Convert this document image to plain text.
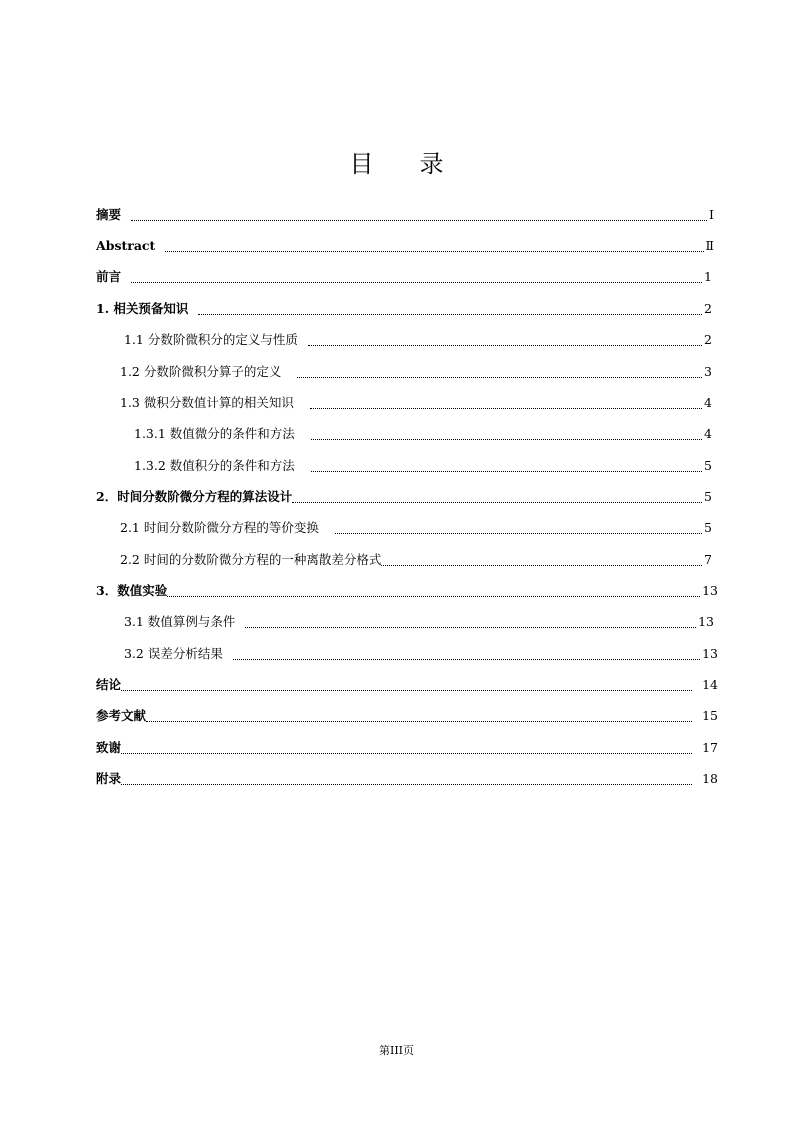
目 录
摘要	Ⅰ
Abstract	Ⅱ
前言	1
1. 相关预备知识	2
1.1 分数阶微积分的定义与性质	2
1.2 分数阶微积分算子的定义	3
1.3 微积分数值计算的相关知识	4
1.3.1 数值微分的条件和方法	4
1.3.2 数值积分的条件和方法	5
2．时间分数阶微分方程的算法设计	5
2.1 时间分数阶微分方程的等价变换	5
2.2 时间的分数阶微分方程的一种离散差分格式	7
3．数值实验	13
3.1 数值算例与条件	13
3.2 误差分析结果	13
结论	14
参考文献	15
致谢	17
附录	18
第III页
